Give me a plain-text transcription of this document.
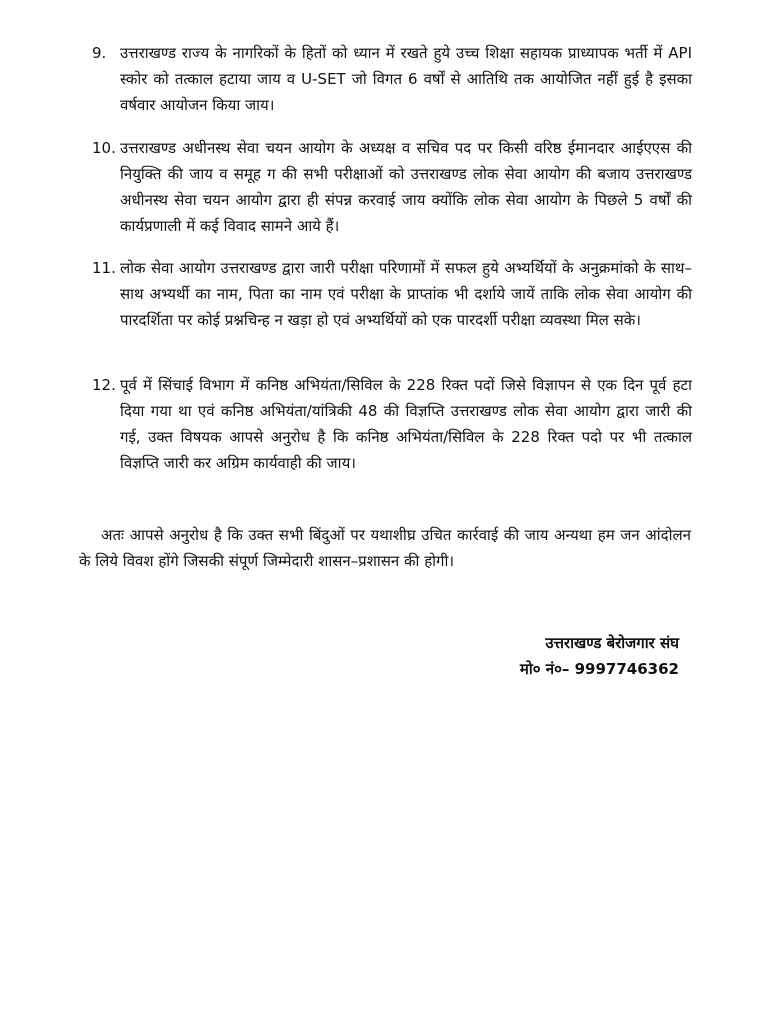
9. उत्तराखण्ड राज्य के नागरिकों के हितों को ध्यान में रखते हुये उच्च शिक्षा सहायक प्राध्यापक भर्ती में API स्कोर को तत्काल हटाया जाय व U-SET जो विगत 6 वर्षों से आतिथि तक आयोजित नहीं हुई है इसका वर्षवार आयोजन किया जाय।
10. उत्तराखण्ड अधीनस्थ सेवा चयन आयोग के अध्यक्ष व सचिव पद पर किसी वरिष्ठ ईमानदार आईएएस की नियुक्ति की जाय व समूह ग की सभी परीक्षाओं को उत्तराखण्ड लोक सेवा आयोग की बजाय उत्तराखण्ड अधीनस्थ सेवा चयन आयोग द्वारा ही संपन्न करवाई जाय क्योंकि लोक सेवा आयोग के पिछले 5 वर्षों की कार्यप्रणाली में कई विवाद सामने आये हैं।
11. लोक सेवा आयोग उत्तराखण्ड द्वारा जारी परीक्षा परिणामों में सफल हुये अभ्यर्थियों के अनुक्रमांको के साथ–साथ अभ्यर्थी का नाम, पिता का नाम एवं परीक्षा के प्राप्तांक भी दर्शाये जायें ताकि लोक सेवा आयोग की पारदर्शिता पर कोई प्रश्नचिन्ह न खड़ा हो एवं अभ्यर्थियों को एक पारदर्शी परीक्षा व्यवस्था मिल सके।
12. पूर्व में सिंचाई विभाग में कनिष्ठ अभियंता/सिविल के 228 रिक्त पदों जिसे विज्ञापन से एक दिन पूर्व हटा दिया गया था एवं कनिष्ठ अभियंता/यांत्रिकी 48 की विज्ञप्ति उत्तराखण्ड लोक सेवा आयोग द्वारा जारी की गई, उक्त विषयक आपसे अनुरोध है कि कनिष्ठ अभियंता/सिविल के 228 रिक्त पदो पर भी तत्काल विज्ञप्ति जारी कर अग्रिम कार्यवाही की जाय।
अतः आपसे अनुरोध है कि उक्त सभी बिंदुओं पर यथाशीघ्र उचित कार्रवाई की जाय अन्यथा हम जन आंदोलन के लिये विवश होंगे जिसकी संपूर्ण जिम्मेदारी शासन–प्रशासन की होगी।
उत्तराखण्ड बेरोजगार संघ
मो० नं०– 9997746362
